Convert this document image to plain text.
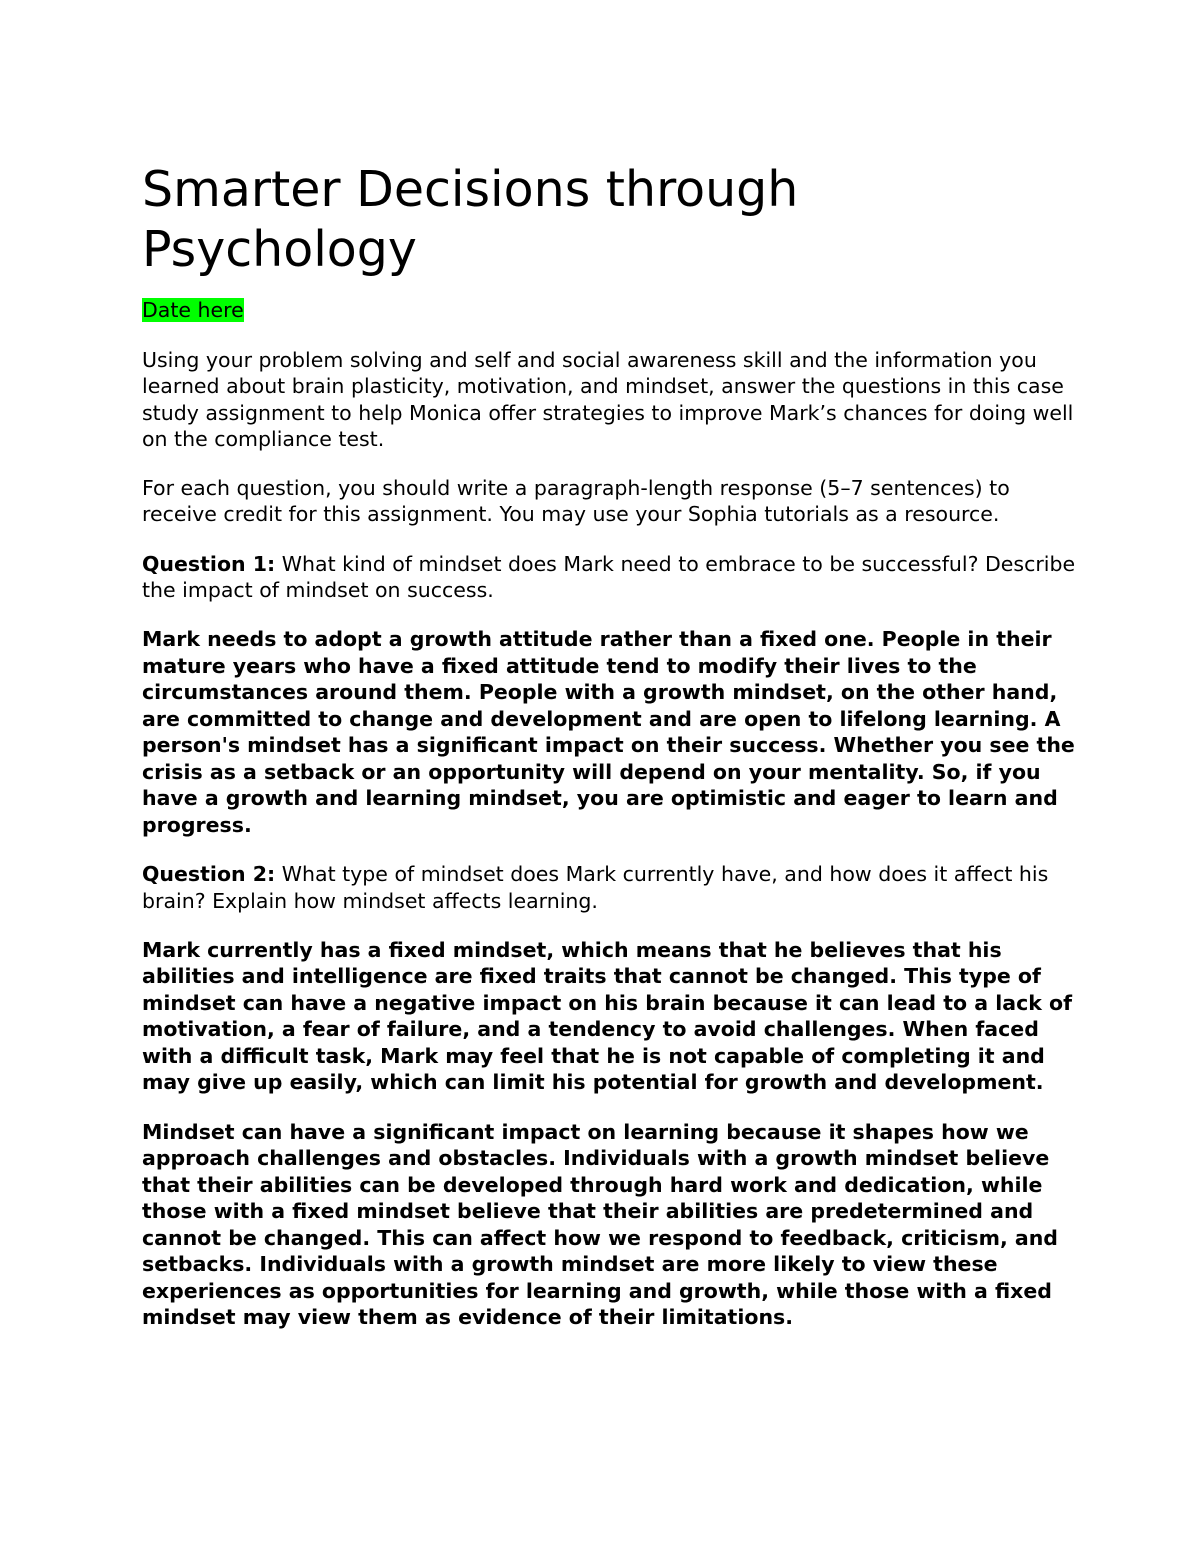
Smarter Decisions through Psychology

Date here

Using your problem solving and self and social awareness skill and the information you learned about brain plasticity, motivation, and mindset, answer the questions in this case study assignment to help Monica offer strategies to improve Mark’s chances for doing well on the compliance test.

For each question, you should write a paragraph-length response (5–7 sentences) to receive credit for this assignment. You may use your Sophia tutorials as a resource.

Question 1: What kind of mindset does Mark need to embrace to be successful? Describe the impact of mindset on success.

Mark needs to adopt a growth attitude rather than a fixed one. People in their mature years who have a fixed attitude tend to modify their lives to the circumstances around them. People with a growth mindset, on the other hand, are committed to change and development and are open to lifelong learning. A person's mindset has a significant impact on their success. Whether you see the crisis as a setback or an opportunity will depend on your mentality. So, if you have a growth and learning mindset, you are optimistic and eager to learn and progress.

Question 2: What type of mindset does Mark currently have, and how does it affect his brain? Explain how mindset affects learning.

Mark currently has a fixed mindset, which means that he believes that his abilities and intelligence are fixed traits that cannot be changed. This type of mindset can have a negative impact on his brain because it can lead to a lack of motivation, a fear of failure, and a tendency to avoid challenges. When faced with a difficult task, Mark may feel that he is not capable of completing it and may give up easily, which can limit his potential for growth and development.

Mindset can have a significant impact on learning because it shapes how we approach challenges and obstacles. Individuals with a growth mindset believe that their abilities can be developed through hard work and dedication, while those with a fixed mindset believe that their abilities are predetermined and cannot be changed. This can affect how we respond to feedback, criticism, and setbacks. Individuals with a growth mindset are more likely to view these experiences as opportunities for learning and growth, while those with a fixed mindset may view them as evidence of their limitations.
